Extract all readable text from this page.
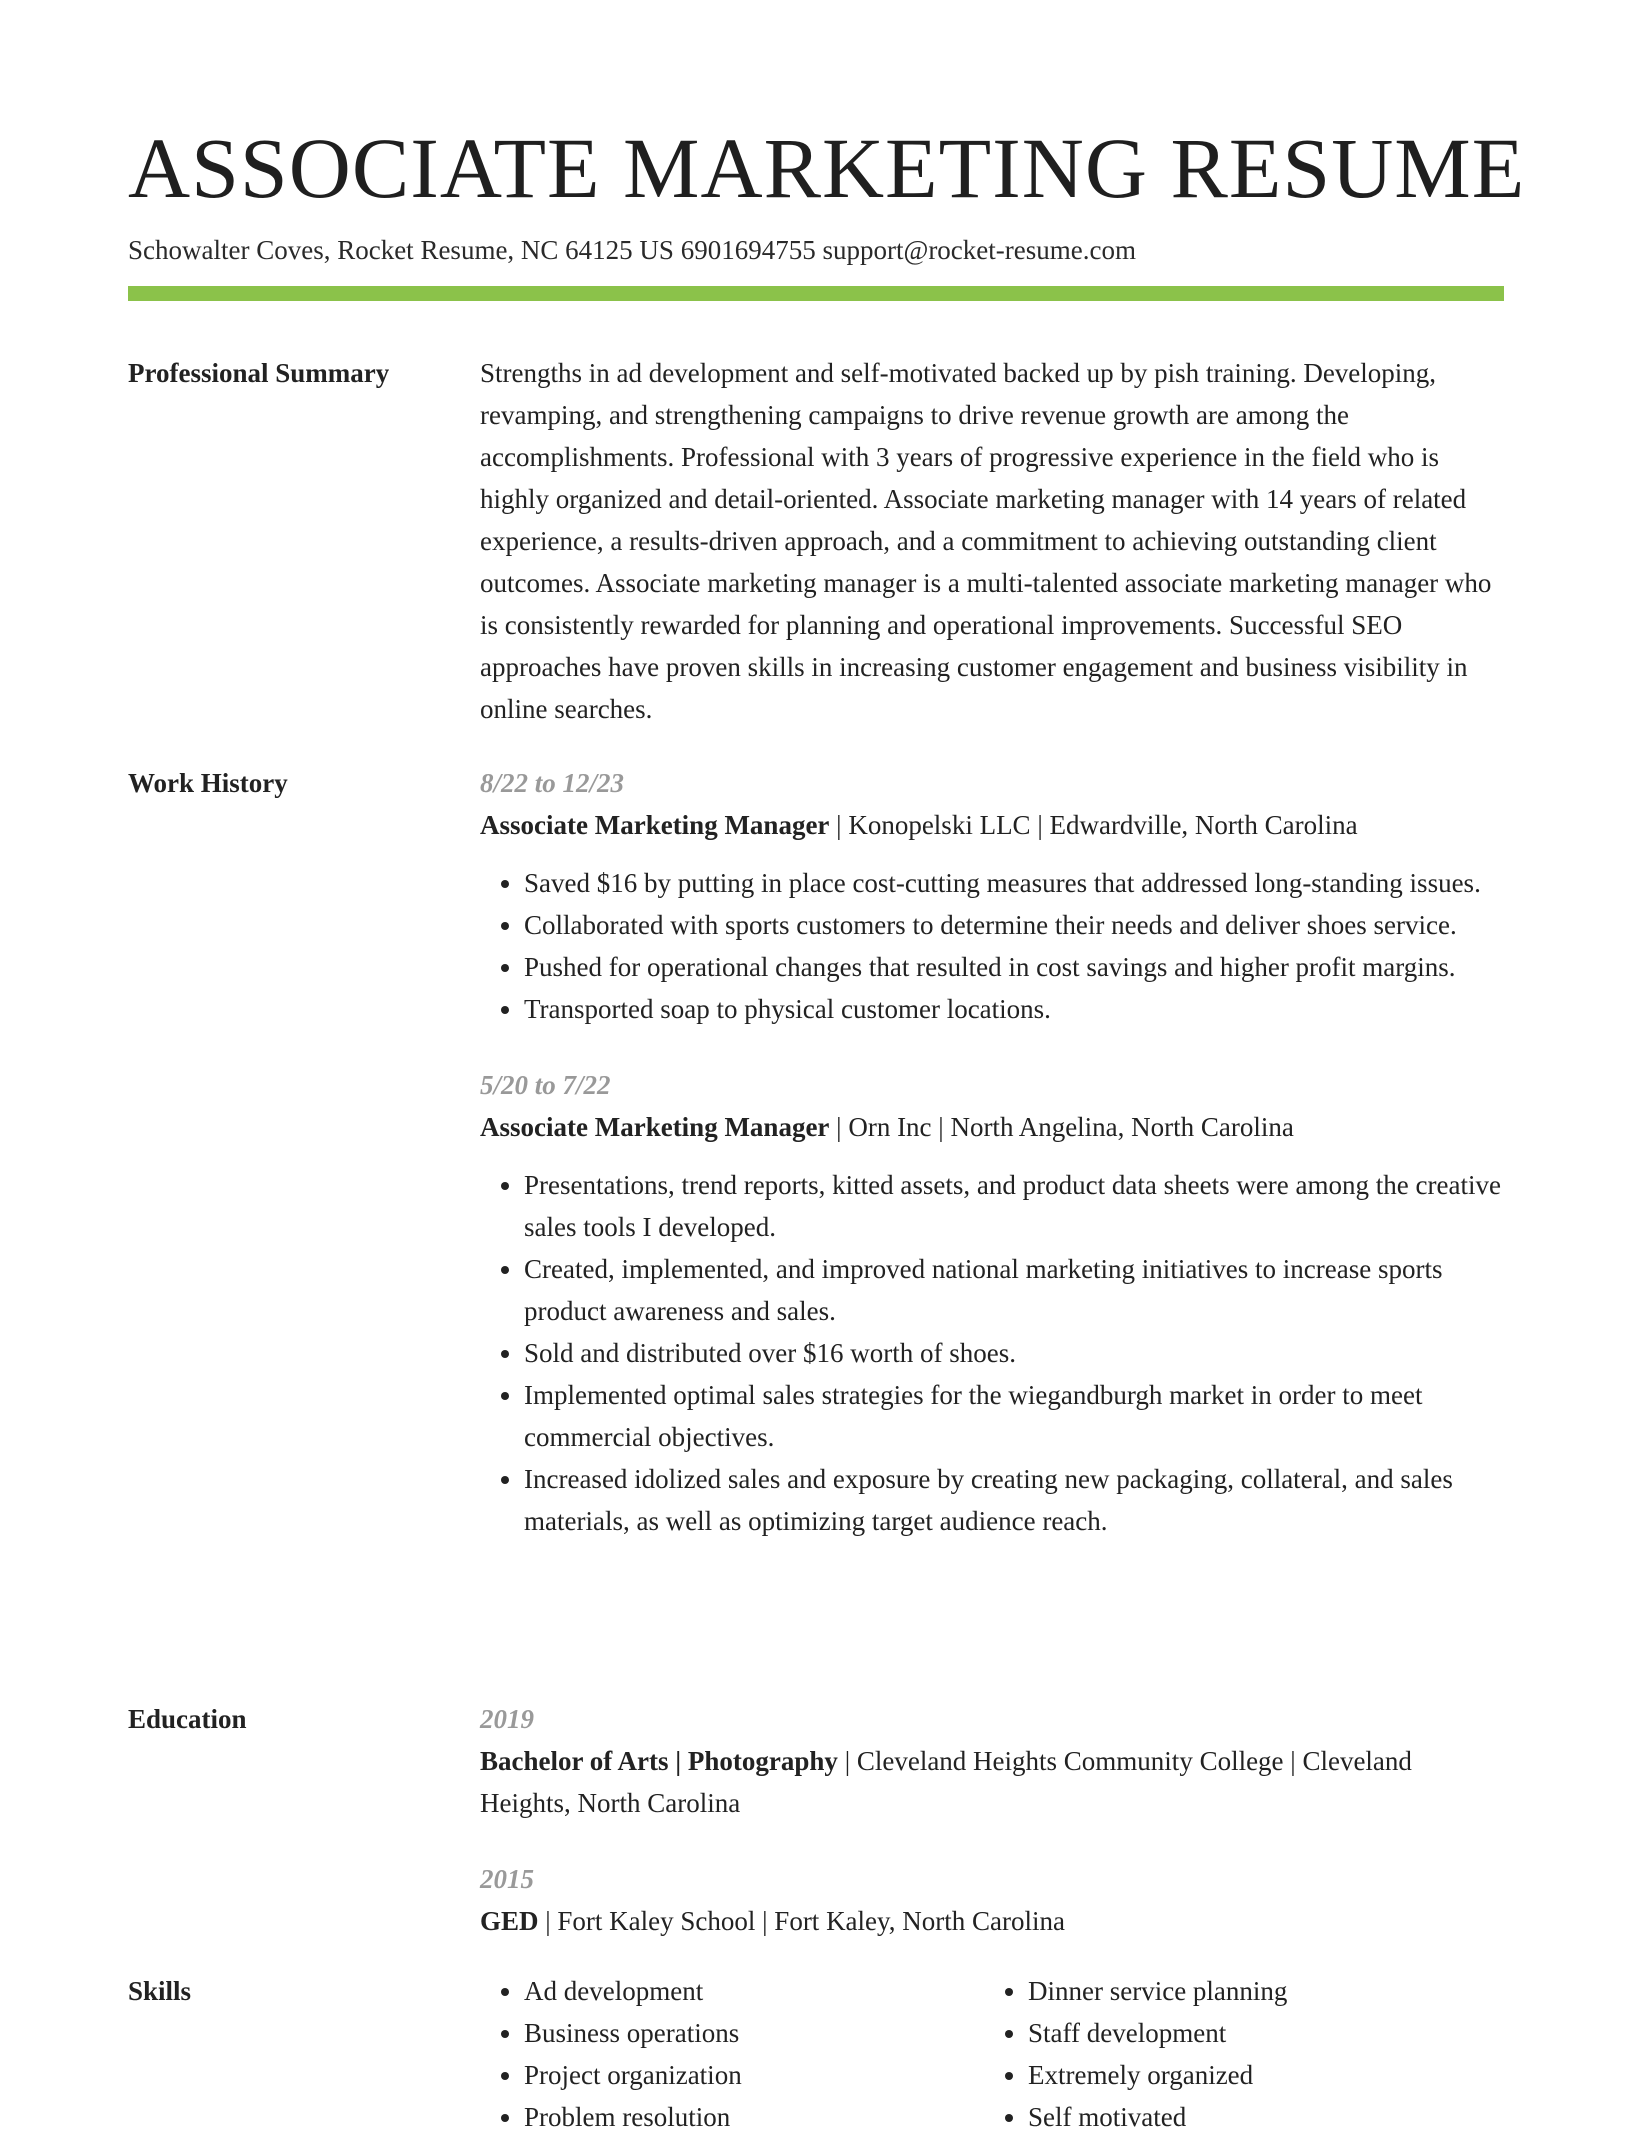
ASSOCIATE MARKETING RESUME
Schowalter Coves, Rocket Resume, NC 64125 US 6901694755 support@rocket-resume.com
Professional Summary	Strengths in ad development and self-motivated backed up by pish training. Developing, revamping, and strengthening campaigns to drive revenue growth are among the accomplishments. Professional with 3 years of progressive experience in the field who is highly organized and detail-oriented. Associate marketing manager with 14 years of related experience, a results-driven approach, and a commitment to achieving outstanding client outcomes. Associate marketing manager is a multi-talented associate marketing manager who is consistently rewarded for planning and operational improvements. Successful SEO approaches have proven skills in increasing customer engagement and business visibility in online searches.

Work History	8/22 to 12/23

Associate Marketing Manager | Konopelski LLC | Edwardville, North Carolina

• Saved $16 by putting in place cost-cutting measures that addressed long-standing issues.
• Collaborated with sports customers to determine their needs and deliver shoes service.
• Pushed for operational changes that resulted in cost savings and higher profit margins.
• Transported soap to physical customer locations.
5/20 to 7/22

Associate Marketing Manager | Orn Inc | North Angelina, North Carolina

• Presentations, trend reports, kitted assets, and product data sheets were among the creative sales tools I developed.
• Created, implemented, and improved national marketing initiatives to increase sports product awareness and sales.
• Sold and distributed over $16 worth of shoes.
• Implemented optimal sales strategies for the wiegandburgh market in order to meet commercial objectives.
• Increased idolized sales and exposure by creating new packaging, collateral, and sales materials, as well as optimizing target audience reach.
Education	2019

Bachelor of Arts | Photography | Cleveland Heights Community College | Cleveland Heights, North Carolina

2015

GED | Fort Kaley School | Fort Kaley, North Carolina

Skills
•	Ad development
• Business operations
• Project organization
• Problem resolution
• Dinner service planning
• Staff development
• Extremely organized
• Self motivated
